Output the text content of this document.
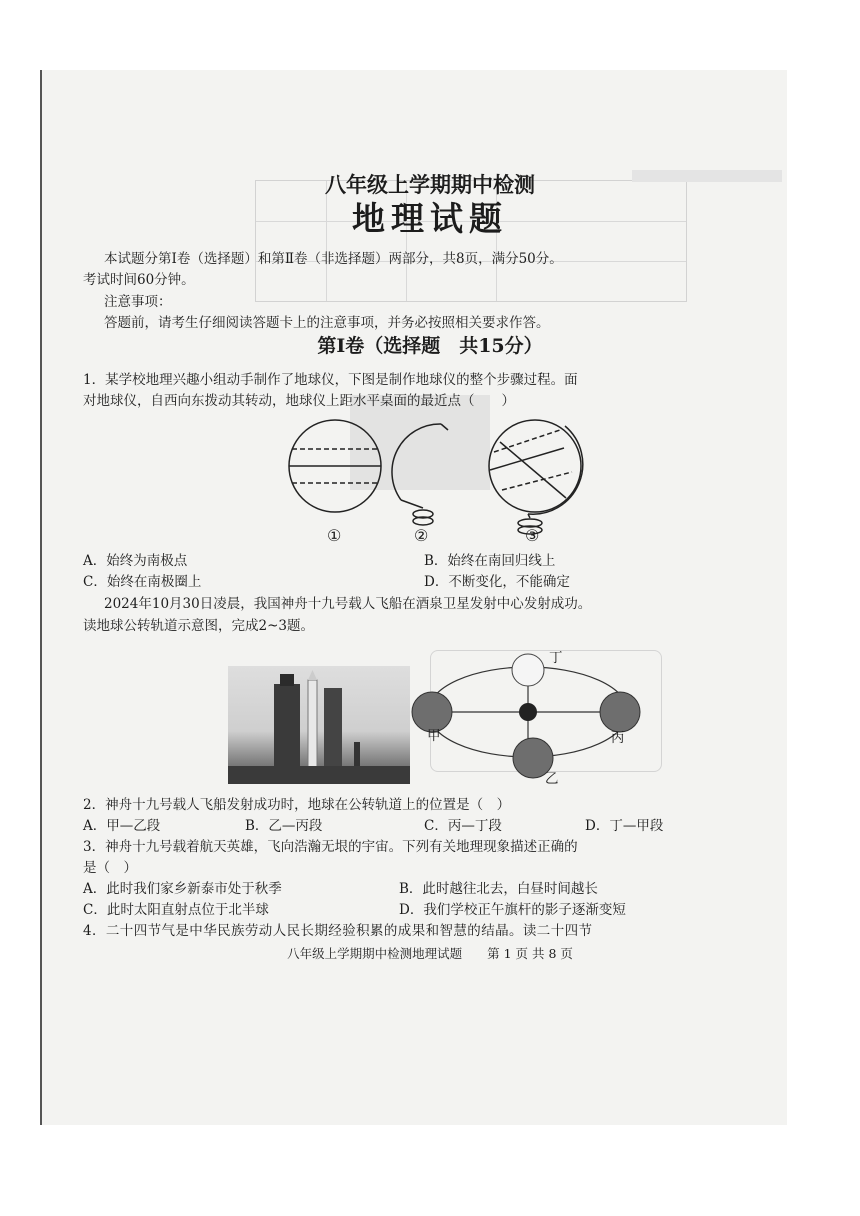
八年级上学期期中检测
地理试题
本试题分第Ⅰ卷（选择题）和第Ⅱ卷（非选择题）两部分，共8页，满分50分。
考试时间60分钟。
注意事项：
答题前，请考生仔细阅读答题卡上的注意事项，并务必按照相关要求作答。
第Ⅰ卷（选择题　共15分）
1．某学校地理兴趣小组动手制作了地球仪，下图是制作地球仪的整个步骤过程。面
对地球仪，自西向东拨动其转动，地球仪上距水平桌面的最近点（　　）
①	②	③
A．始终为南极点	B．始终在南回归线上
C．始终在南极圈上	D．不断变化，不能确定
2024年10月30日凌晨，我国神舟十九号载人飞船在酒泉卫星发射中心发射成功。
读地球公转轨道示意图，完成2~3题。
丁
甲	丙
乙
2．神舟十九号载人飞船发射成功时，地球在公转轨道上的位置是（　）
A．甲—乙段	B．乙—丙段	C．丙—丁段	D．丁—甲段
3．神舟十九号载着航天英雄，飞向浩瀚无垠的宇宙。下列有关地理现象描述正确的
是（　）
A．此时我们家乡新泰市处于秋季	B．此时越往北去，白昼时间越长
C．此时太阳直射点位于北半球	D．我们学校正午旗杆的影子逐渐变短
4．二十四节气是中华民族劳动人民长期经验积累的成果和智慧的结晶。读二十四节
八年级上学期期中检测地理试题　　第 1 页 共 8 页
